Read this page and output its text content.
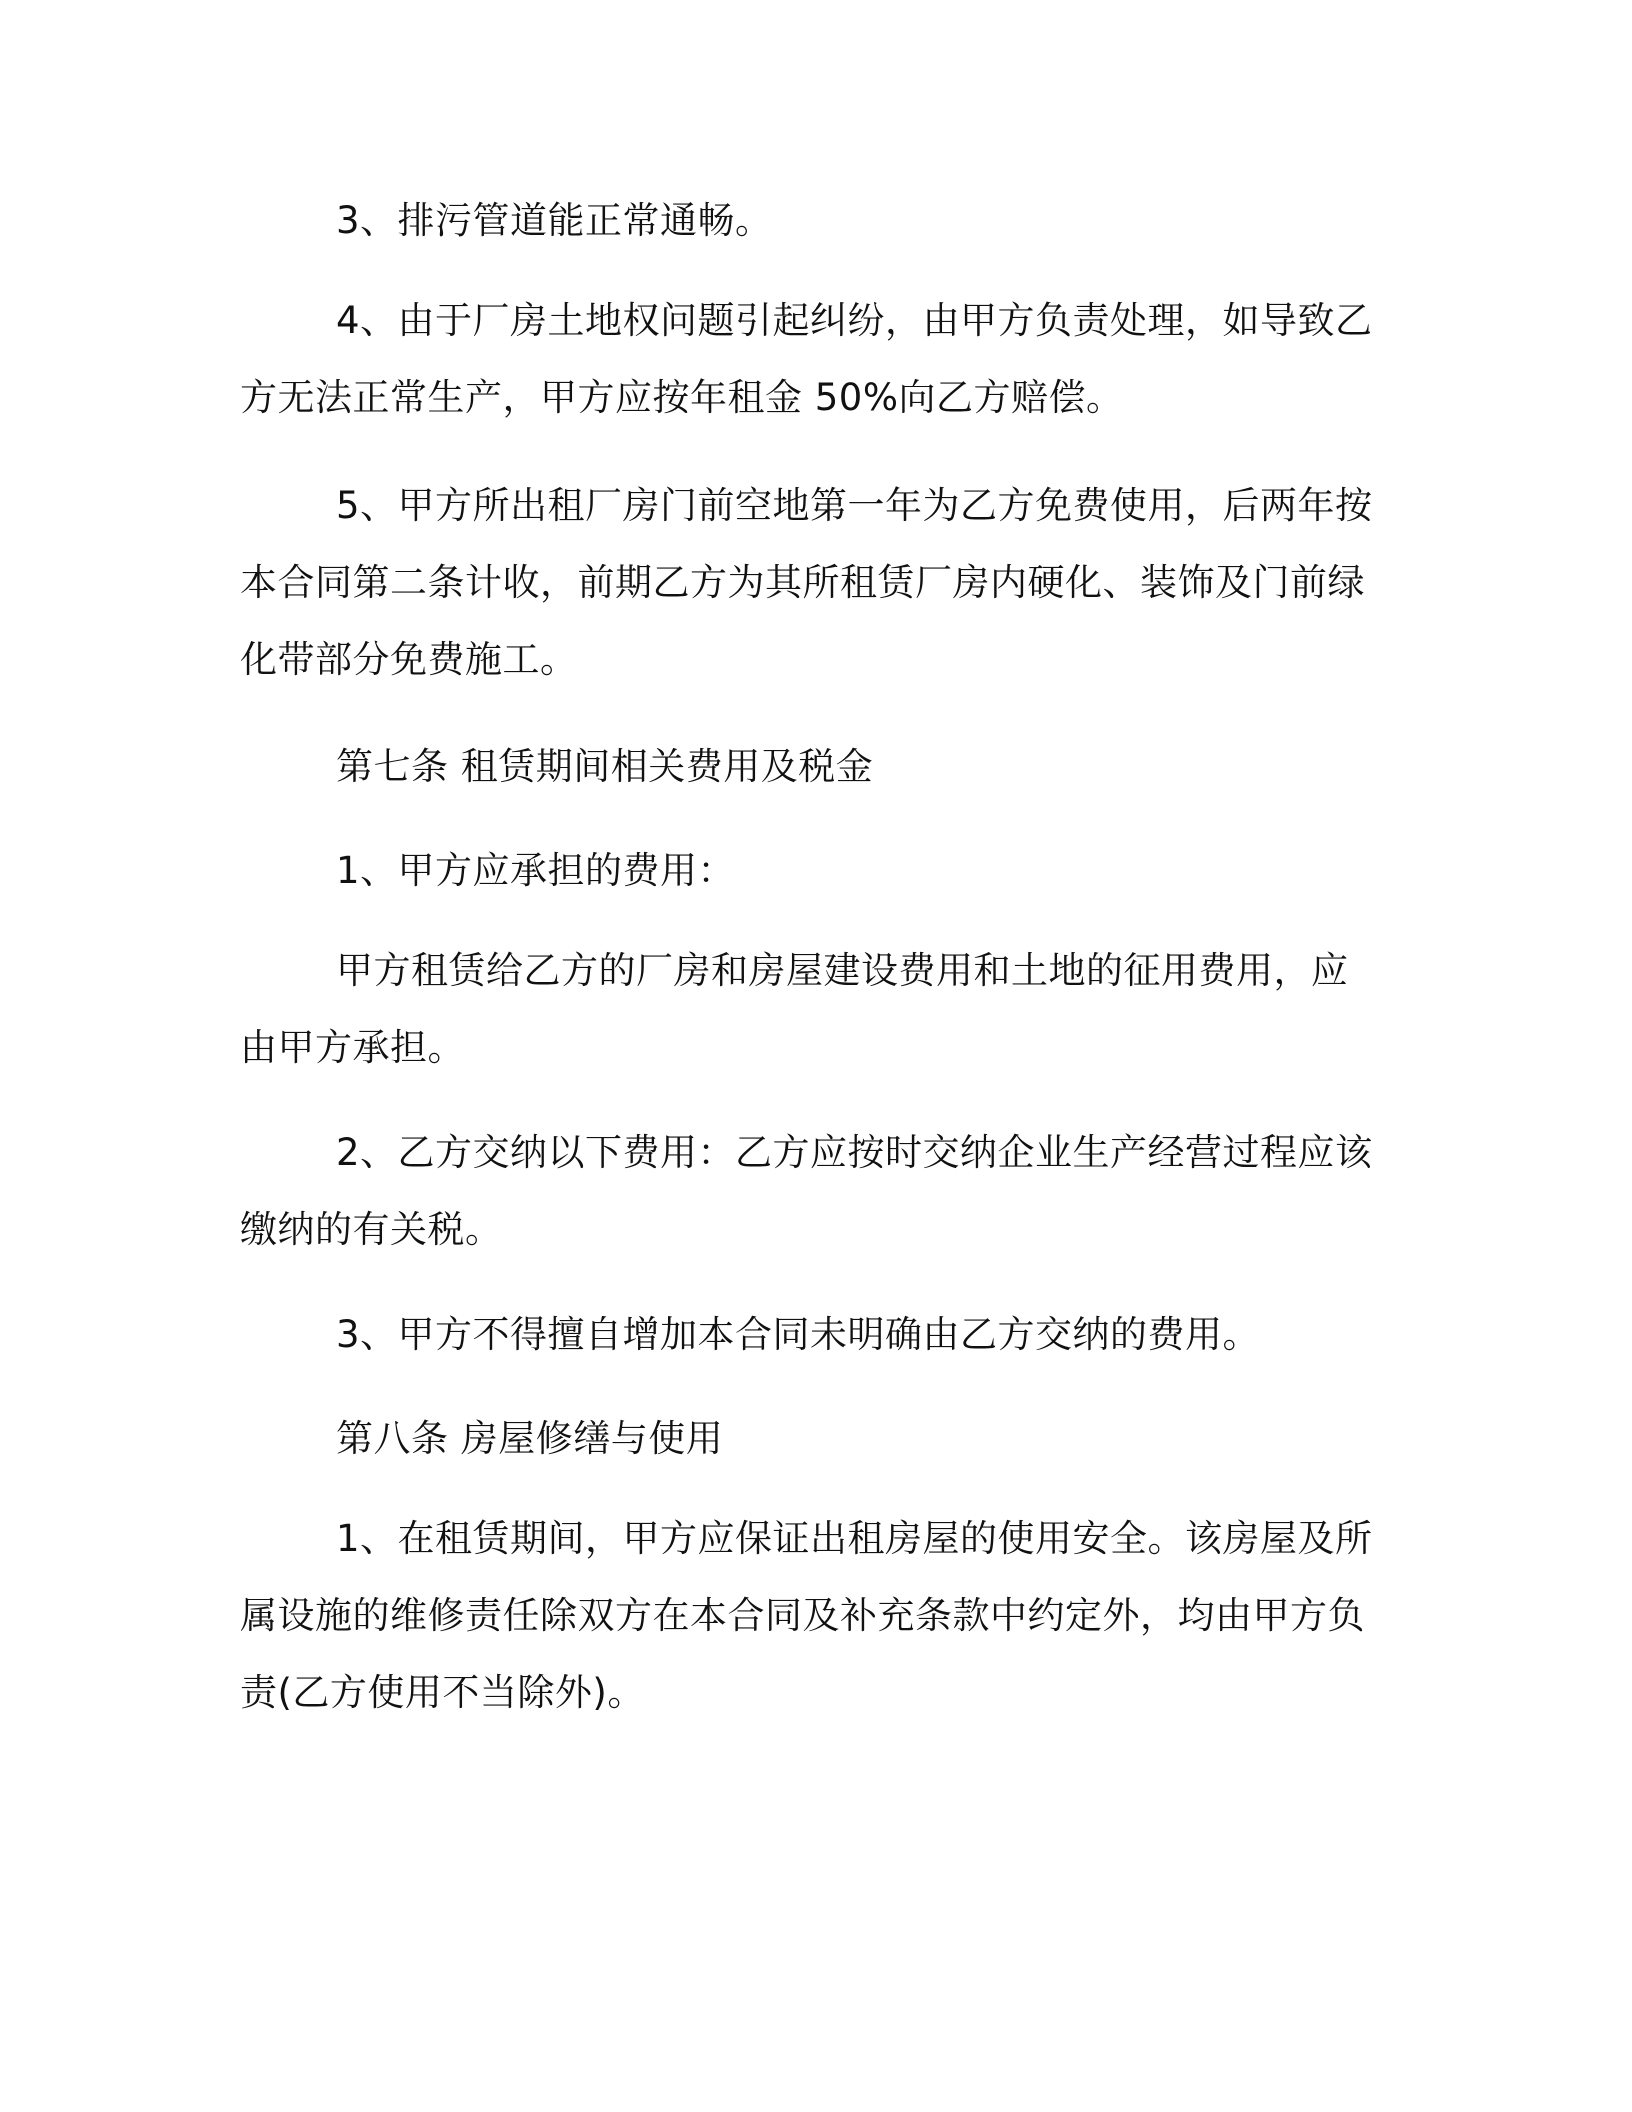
3、排污管道能正常通畅。

4、由于厂房土地权问题引起纠纷，由甲方负责处理，如导致乙方无法正常生产，甲方应按年租金 50%向乙方赔偿。

5、甲方所出租厂房门前空地第一年为乙方免费使用，后两年按本合同第二条计收，前期乙方为其所租赁厂房内硬化、装饰及门前绿化带部分免费施工。

第七条 租赁期间相关费用及税金

1、甲方应承担的费用：

甲方租赁给乙方的厂房和房屋建设费用和土地的征用费用，应由甲方承担。

2、乙方交纳以下费用：乙方应按时交纳企业生产经营过程应该缴纳的有关税。

3、甲方不得擅自增加本合同未明确由乙方交纳的费用。

第八条 房屋修缮与使用

1、在租赁期间，甲方应保证出租房屋的使用安全。该房屋及所属设施的维修责任除双方在本合同及补充条款中约定外，均由甲方负责(乙方使用不当除外)。
